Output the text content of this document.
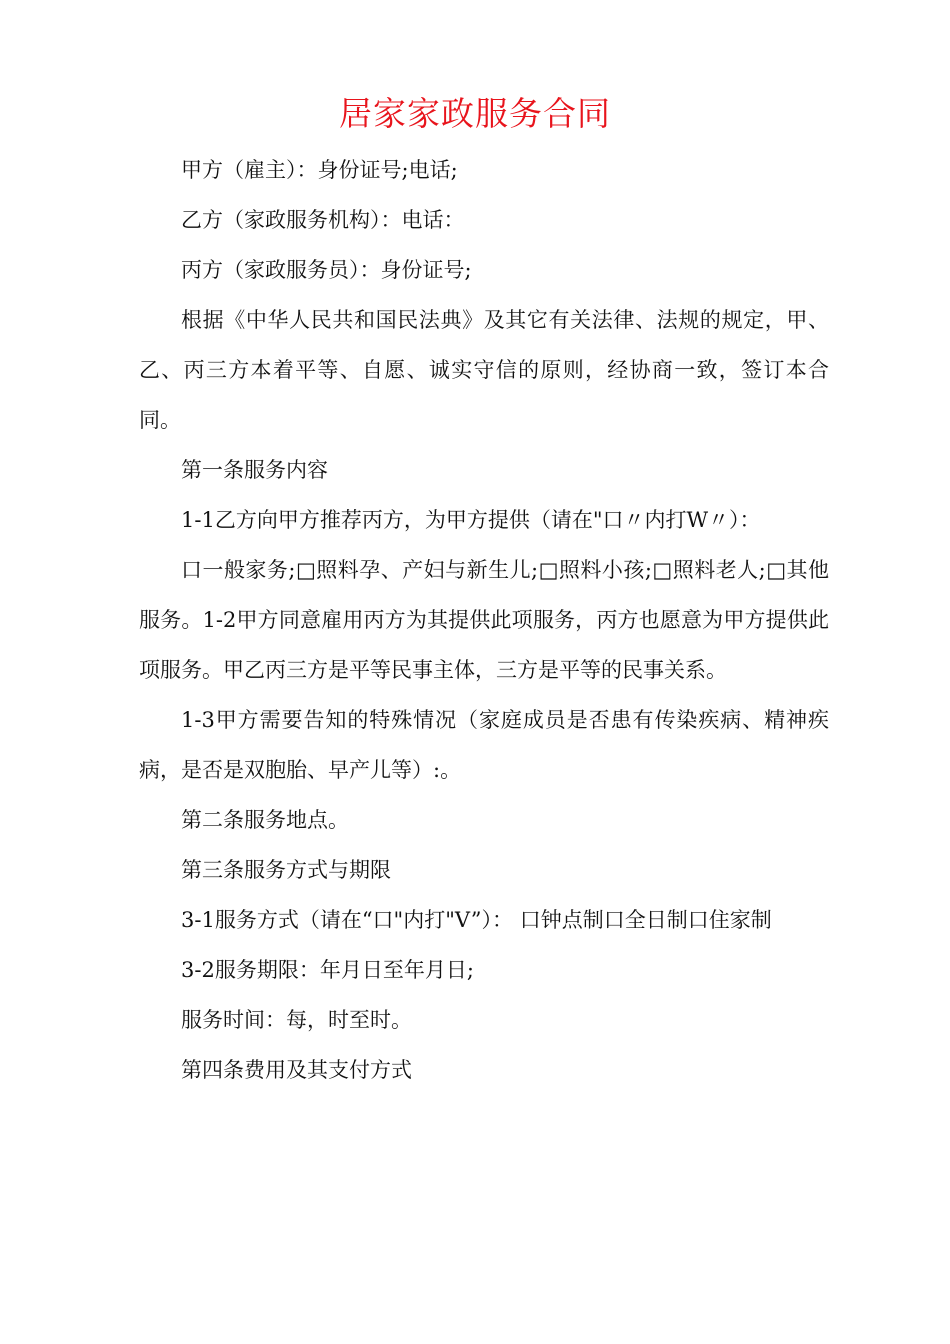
居家家政服务合同

甲方（雇主）：身份证号;电话;

乙方（家政服务机构）：电话：

丙方（家政服务员）：身份证号;

根据《中华人民共和国民法典》及其它有关法律、法规的规定，甲、乙、丙三方本着平等、自愿、诚实守信的原则，经协商一致，签订本合同。

第一条服务内容

1-1乙方向甲方推荐丙方，为甲方提供（请在"口〃内打W〃）：

口一般家务;□照料孕、产妇与新生儿;□照料小孩;□照料老人;□其他服务。1-2甲方同意雇用丙方为其提供此项服务，丙方也愿意为甲方提供此项服务。甲乙丙三方是平等民事主体，三方是平等的民事关系。

1-3甲方需要告知的特殊情况（家庭成员是否患有传染疾病、精神疾病，是否是双胞胎、早产儿等）:。

第二条服务地点。

第三条服务方式与期限

3-1服务方式（请在“口"内打"V”）： 口钟点制口全日制口住家制

3-2服务期限：年月日至年月日;

服务时间：每，时至时。

第四条费用及其支付方式
